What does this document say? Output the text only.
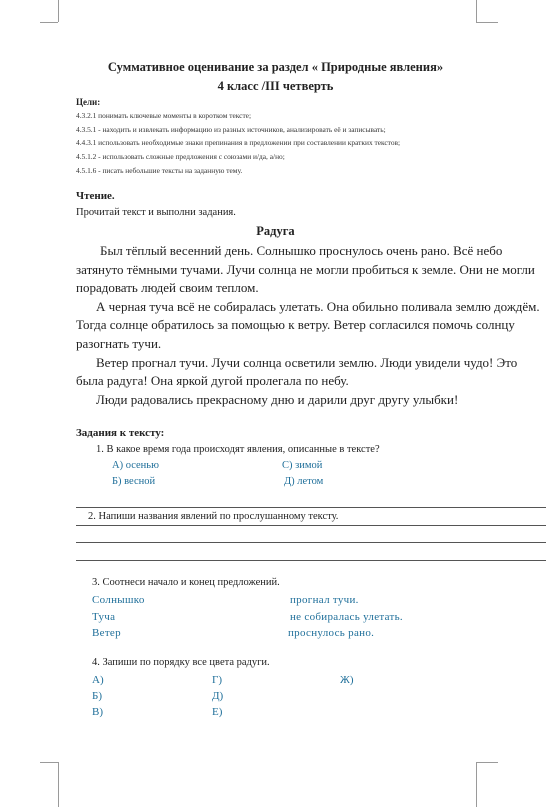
Суммативное оценивание за раздел « Природные явления»
4 класс /III четверть
Цели:
4.3.2.1 понимать ключевые моменты в коротком тексте;
4.3.5.1 - находить и извлекать информацию из разных источников, анализировать её и записывать;
4.4.3.1 использовать необходимые знаки препинания в предложении при составлении кратких текстов;
4.5.1.2 - использовать сложные предложения с союзами и/да, а/но;
4.5.1.6 - писать небольшие тексты на заданную тему.
Чтение.
Прочитай текст и выполни задания.
Радуга

Был тёплый весенний день. Солнышко проснулось очень рано. Всё небо затянуто тёмными тучами. Лучи солнца не могли пробиться к земле. Они не могли порадовать людей своим теплом.

А черная туча всё не собиралась улетать. Она обильно поливала землю дождём. Тогда солнце обратилось за помощью к ветру. Ветер согласился помочь солнцу разогнать тучи.

Ветер прогнал тучи. Лучи солнца осветили землю. Люди увидели чудо! Это была радуга! Она яркой дугой пролегала по небу.

Люди радовались прекрасному дню и дарили друг другу улыбки!

Задания к тексту:
1. В какое время года происходят явления, описанные в тексте?
А) осенью	С) зимой
Б) весной	Д) летом
2. Напиши названия явлений по прослушанному тексту.
3. Соотнеси начало и конец предложений.
Солнышко
Туча
Ветер
прогнал тучи.
не собиралась улетать.
проснулось рано.
4. Запиши по порядку все цвета радуги.
А)
Б)
В)
Г)
Д)
Е)
Ж)
